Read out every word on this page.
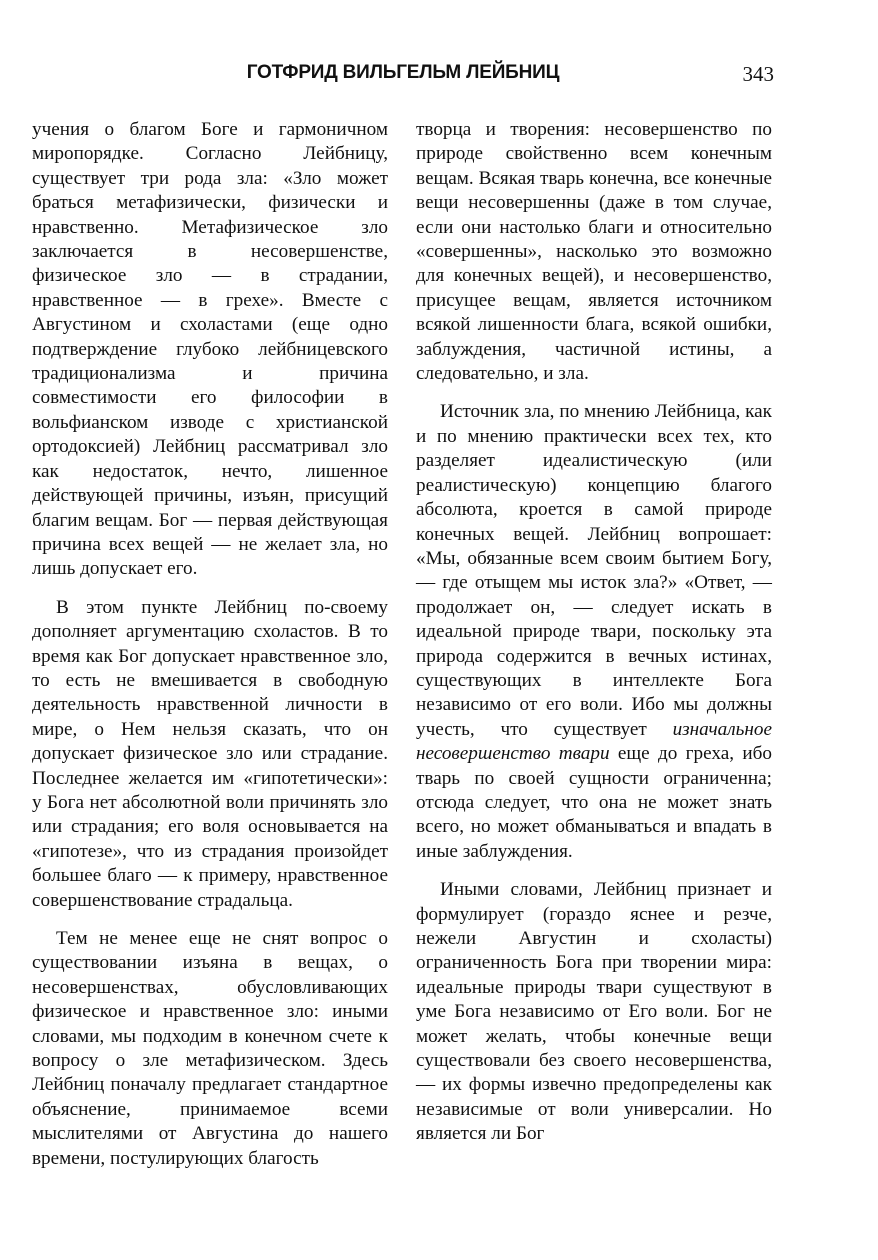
ГОТФРИД ВИЛЬГЕЛЬМ ЛЕЙБНИЦ	343

учения о благом Боге и гармоничном миропорядке. Согласно Лейбницу, существует три рода зла: «Зло может браться метафизически, физически и нравственно. Метафизическое зло заключается в несовершенстве, физическое зло — в страдании, нравственное — в грехе». Вместе с Августином и схоластами (еще одно подтверждение глубоко лейбницевского традиционализма и причина совместимости его философии в вольфианском изводе с христианской ортодоксией) Лейбниц рассматривал зло как недостаток, нечто, лишенное действующей причины, изъян, присущий благим вещам. Бог — первая действующая причина всех вещей — не желает зла, но лишь допускает его.

В этом пункте Лейбниц по-своему дополняет аргументацию схоластов. В то время как Бог допускает нравственное зло, то есть не вмешивается в свободную деятельность нравственной личности в мире, о Нем нельзя сказать, что он допускает физическое зло или страдание. Последнее желается им «гипотетически»: у Бога нет абсолютной воли причинять зло или страдания; его воля основывается на «гипотезе», что из страдания произойдет большее благо — к примеру, нравственное совершенствование страдальца.

Тем не менее еще не снят вопрос о существовании изъяна в вещах, о несовершенствах, обусловливающих физическое и нравственное зло: иными словами, мы подходим в конечном счете к вопросу о зле метафизическом. Здесь Лейбниц поначалу предлагает стандартное объяснение, принимаемое всеми мыслителями от Августина до нашего времени, постулирующих благость

творца и творения: несовершенство по природе свойственно всем конечным вещам. Всякая тварь конечна, все конечные вещи несовершенны (даже в том случае, если они настолько благи и относительно «совершенны», насколько это возможно для конечных вещей), и несовершенство, присущее вещам, является источником всякой лишенности блага, всякой ошибки, заблуждения, частичной истины, а следовательно, и зла.

Источник зла, по мнению Лейбница, как и по мнению практически всех тех, кто разделяет идеалистическую (или реалистическую) концепцию благого абсолюта, кроется в самой природе конечных вещей. Лейбниц вопрошает: «Мы, обязанные всем своим бытием Богу, — где отыщем мы исток зла?» «Ответ, — продолжает он, — следует искать в идеальной природе твари, поскольку эта природа содержится в вечных истинах, существующих в интеллекте Бога независимо от его воли. Ибо мы должны учесть, что существует изначальное несовершенство твари еще до греха, ибо тварь по своей сущности ограниченна; отсюда следует, что она не может знать всего, но может обманываться и впадать в иные заблуждения.

Иными словами, Лейбниц признает и формулирует (гораздо яснее и резче, нежели Августин и схоласты) ограниченность Бога при творении мира: идеальные природы твари существуют в уме Бога независимо от Его воли. Бог не может желать, чтобы конечные вещи существовали без своего несовершенства, — их формы извечно предопределены как независимые от воли универсалии. Но является ли Бог
